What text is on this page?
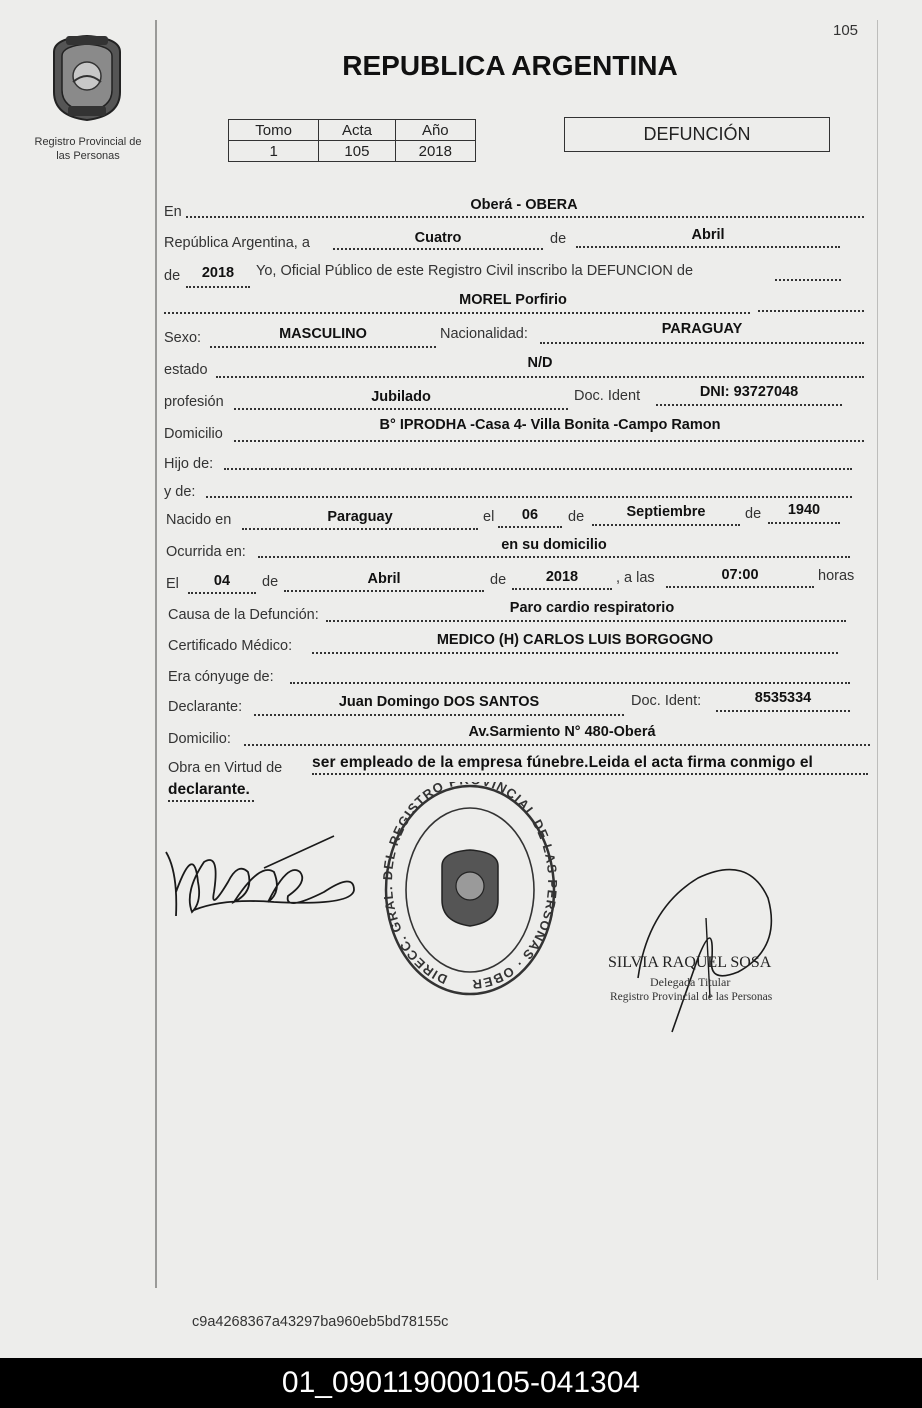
105
Registro Provincial de
las Personas
REPUBLICA ARGENTINA
Tomo	Acta	Año
1	105	2018
DEFUNCIÓN
En	Oberá - OBERA
República Argentina, a	Cuatro	de	Abril
de	2018	Yo, Oficial Público de este Registro Civil inscribo la DEFUNCION de
MOREL Porfirio
Sexo:	MASCULINO	Nacionalidad:	PARAGUAY
estado	N/D
profesión	Jubilado	Doc. Ident	DNI: 93727048
Domicilio
B° IPRODHA -Casa 4- Villa Bonita -Campo Ramon
Hijo de:
y de:
Nacido en	Paraguay	el	06	de	Septiembre	de	1940
Ocurrida en:	en su domicilio
El	04	de	Abril	de	2018	, a las	07:00	horas
Causa de la Defunción:	Paro cardio respiratorio
Certificado Médico:	MEDICO (H) CARLOS LUIS BORGOGNO
Era cónyuge de:
Declarante:	Juan Domingo DOS SANTOS	Doc. Ident:	8535334
Domicilio:	Av.Sarmiento N° 480-Oberá
Obra en Virtud de ser empleado de la empresa fúnebre.Leida el acta firma conmigo el
declarante.
DIRECC. GRA EL REGISTRO INCIAL DE LA RSONAS · OBER
SILVIA RAQUEL SOSA
Delegada Titular
Registro Provincial de las Personas
c9a4268367a43297ba960eb5bd78155c
01_090119000105-041304
